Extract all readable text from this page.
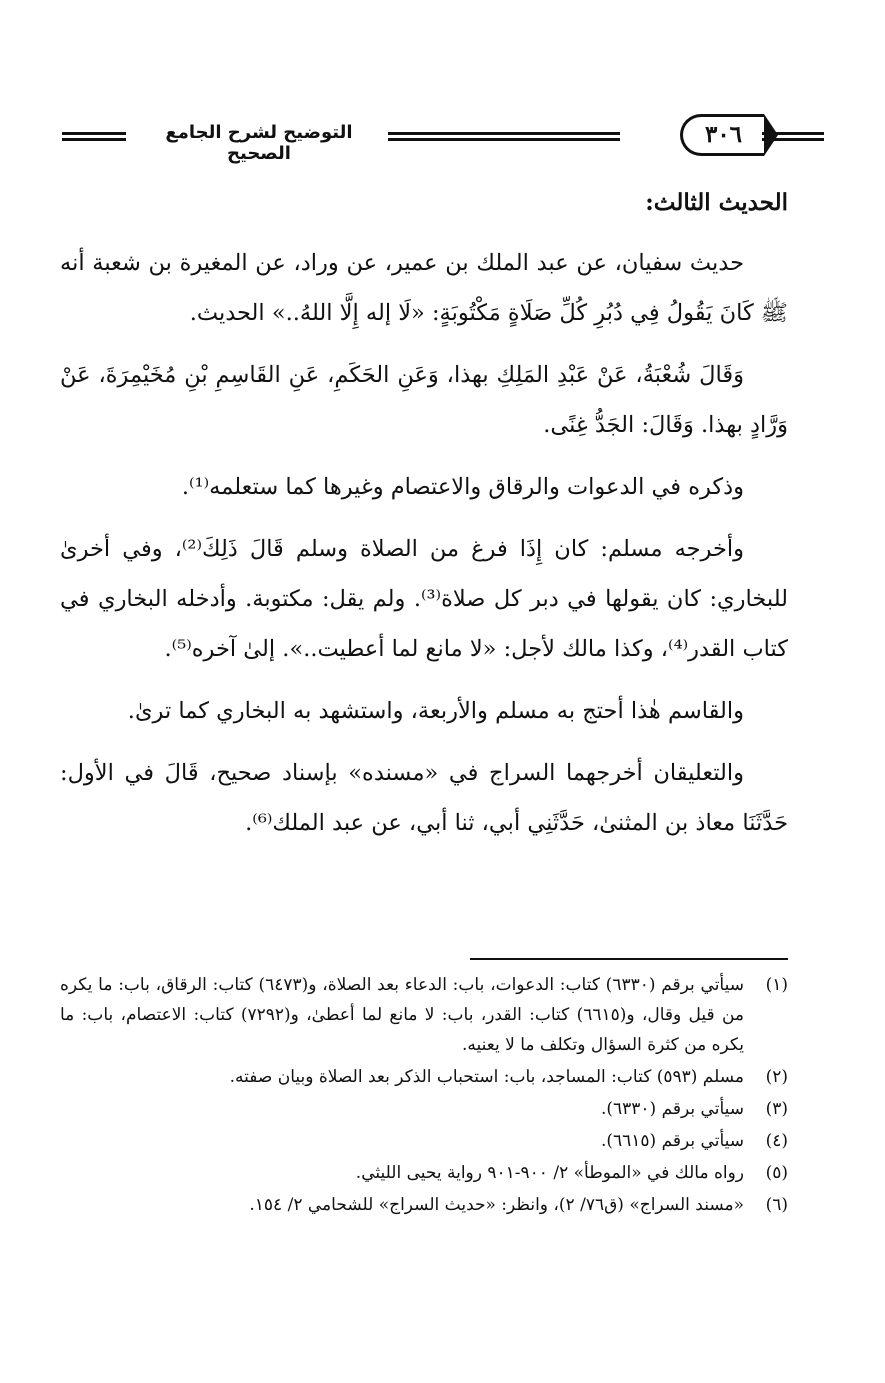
التوضيح لشرح الجامع الصحيح
٣٠٦

الحديث الثالث:

حديث سفيان، عن عبد الملك بن عمير، عن وراد، عن المغيرة بن شعبة أنه ﷺ كَانَ يَقُولُ فِي دُبُرِ كُلِّ صَلَاةٍ مَكْتُوبَةٍ: «لَا إله إِلَّا اللهُ..» الحديث.

وَقَالَ شُعْبَةُ، عَنْ عَبْدِ المَلِكِ بهذا، وَعَنِ الحَكَمِ، عَنِ القَاسِمِ بْنِ مُخَيْمِرَةَ، عَنْ وَرَّادٍ بهذا. وَقَالَ: الجَدُّ غِنًى.

وذكره في الدعوات والرقاق والاعتصام وغيرها كما ستعلمه⁽¹⁾.

وأخرجه مسلم: كان إِذَا فرغ من الصلاة وسلم قَالَ ذَلِكَ⁽²⁾، وفي أخرىٰ للبخاري: كان يقولها في دبر كل صلاة⁽³⁾. ولم يقل: مكتوبة. وأدخله البخاري في كتاب القدر⁽⁴⁾، وكذا مالك لأجل: «لا مانع لما أعطيت..». إلىٰ آخره⁽⁵⁾.

والقاسم هٰذا أحتج به مسلم والأربعة، واستشهد به البخاري كما ترىٰ.

والتعليقان أخرجهما السراج في «مسنده» بإسناد صحيح، قَالَ في الأول: حَدَّثَنَا معاذ بن المثنىٰ، حَدَّثَنِي أبي، ثنا أبي، عن عبد الملك⁽⁶⁾.

(١)
سيأتي برقم (٦٣٣٠) كتاب: الدعوات، باب: الدعاء بعد الصلاة، و(٦٤٧٣) كتاب: الرقاق، باب: ما يكره من قيل وقال، و(٦٦١٥) كتاب: القدر، باب: لا مانع لما أعطىٰ، و(٧٢٩٢) كتاب: الاعتصام، باب: ما يكره من كثرة السؤال وتكلف ما لا يعنيه.
(٢)
مسلم (٥٩٣) كتاب: المساجد، باب: استحباب الذكر بعد الصلاة وبيان صفته.
(٣)
سيأتي برقم (٦٣٣٠).
(٤)
سيأتي برقم (٦٦١٥).
(٥)
رواه مالك في «الموطأ» ٢/ ٩٠٠-٩٠١ رواية يحيى الليثي.
(٦)
«مسند السراج» (ق٧٦/ ٢)، وانظر: «حديث السراج» للشحامي ٢/ ١٥٤.
